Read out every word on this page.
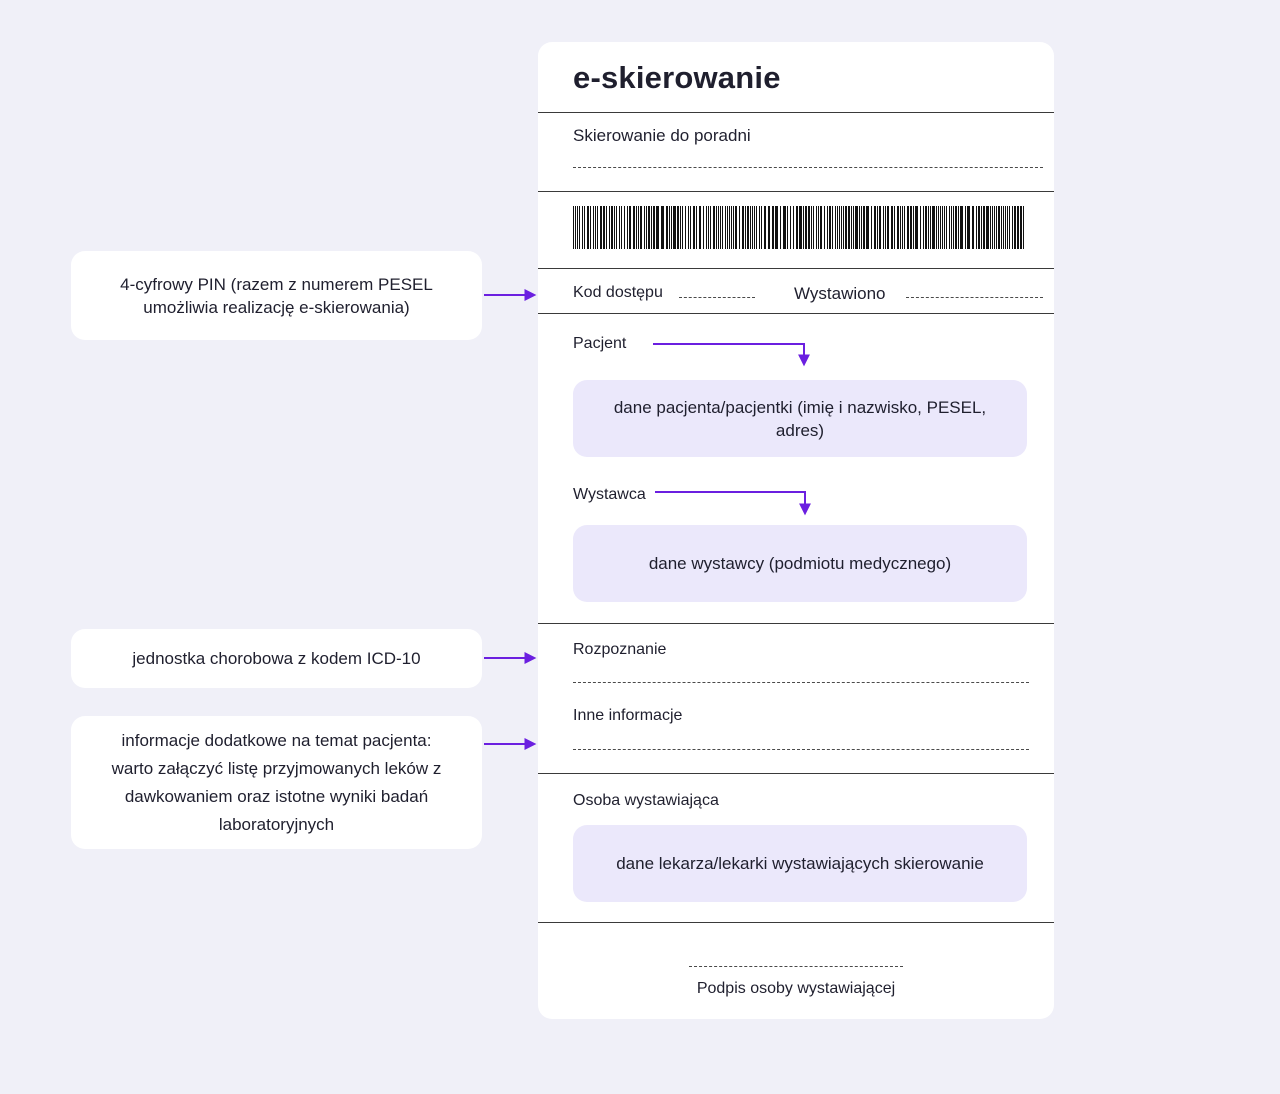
4-cyfrowy PIN (razem z numerem PESEL umożliwia realizację e-skierowania)
jednostka chorobowa z kodem ICD-10
informacje dodatkowe na temat pacjenta: warto załączyć listę przyjmowanych leków z dawkowaniem oraz istotne wyniki badań laboratoryjnych
e-skierowanie
Skierowanie do poradni
Kod dostępu	Wystawiono
Pacjent
dane pacjenta/pacjentki (imię i nazwisko, PESEL, adres)
Wystawca
dane wystawcy (podmiotu medycznego)
Rozpoznanie
Inne informacje
Osoba wystawiająca
dane lekarza/lekarki wystawiających skierowanie
Podpis osoby wystawiającej
